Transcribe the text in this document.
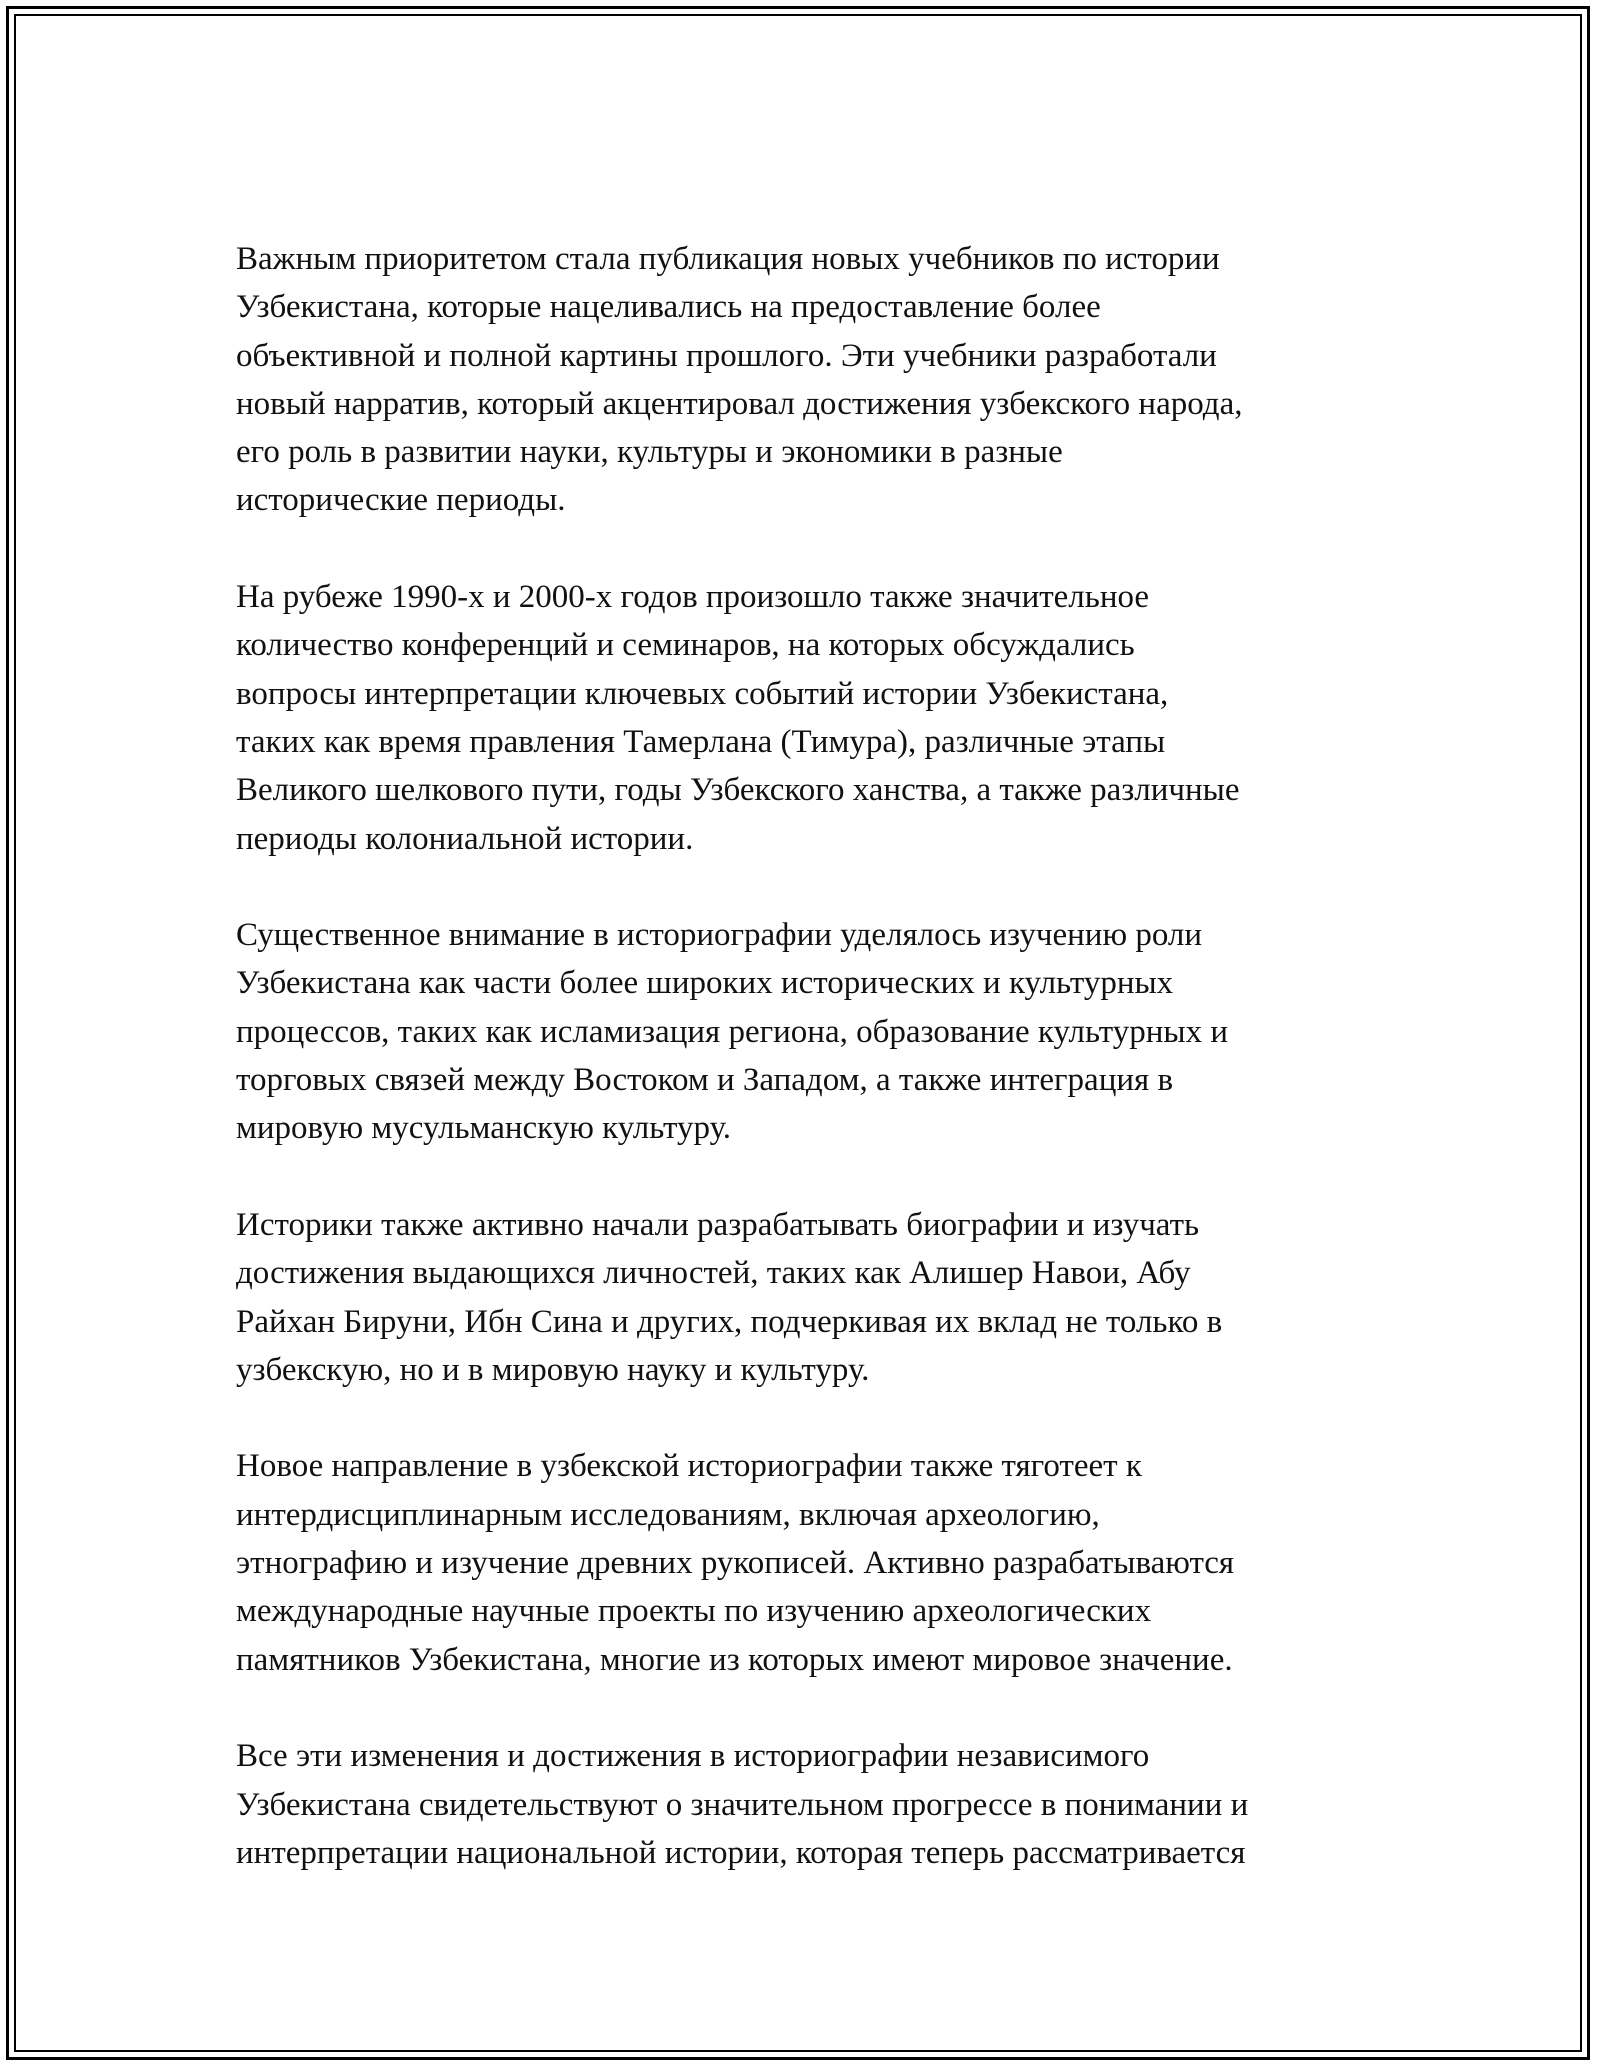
Важным приоритетом стала публикация новых учебников по истории
Узбекистана, которые нацеливались на предоставление более
объективной и полной картины прошлого. Эти учебники разработали
новый нарратив, который акцентировал достижения узбекского народа,
его роль в развитии науки, культуры и экономики в разные
исторические периоды.

На рубеже 1990-х и 2000-х годов произошло также значительное
количество конференций и семинаров, на которых обсуждались
вопросы интерпретации ключевых событий истории Узбекистана,
таких как время правления Тамерлана (Тимура), различные этапы
Великого шелкового пути, годы Узбекского ханства, а также различные
периоды колониальной истории.

Существенное внимание в историографии уделялось изучению роли
Узбекистана как части более широких исторических и культурных
процессов, таких как исламизация региона, образование культурных и
торговых связей между Востоком и Западом, а также интеграция в
мировую мусульманскую культуру.

Историки также активно начали разрабатывать биографии и изучать
достижения выдающихся личностей, таких как Алишер Навои, Абу
Райхан Бируни, Ибн Сина и других, подчеркивая их вклад не только в
узбекскую, но и в мировую науку и культуру.

Новое направление в узбекской историографии также тяготеет к
интердисциплинарным исследованиям, включая археологию,
этнографию и изучение древних рукописей. Активно разрабатываются
международные научные проекты по изучению археологических
памятников Узбекистана, многие из которых имеют мировое значение.

Все эти изменения и достижения в историографии независимого
Узбекистана свидетельствуют о значительном прогрессе в понимании и
интерпретации национальной истории, которая теперь рассматривается
